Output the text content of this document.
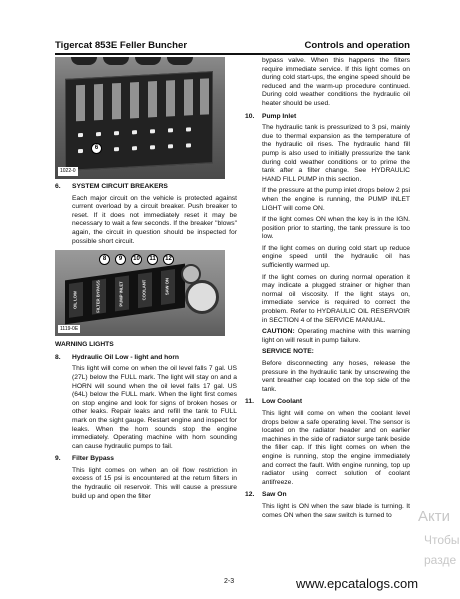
Tigercat 853E Feller Buncher	Controls and operation
6
1022-0
6.	SYSTEM CIRCUIT BREAKERS

Each major circuit on the vehicle is protected against current overload by a circuit breaker. Push breaker to reset. If it does not immediately reset it may be necessary to wait a few seconds. If the breaker "blows" again, the circuit in question should be inspected for possible short circuit.

8	9	10	11	12
OIL LOW	FILTER BYPASS	PUMP INLET	COOLANT	SAW ON
1119-0E
WARNING LIGHTS
8.	Hydraulic Oil Low - light and horn

This light will come on when the oil level falls 7 gal. US (27L) below the FULL mark. The light will stay on and a HORN will sound when the oil level falls 17 gal. US (64L) below the FULL mark. When the light first comes on stop engine and look for signs of broken hoses or other leaks. Repair leaks and refill the tank to FULL mark on the sight gauge. Restart engine and inspect for leaks. When the horn sounds stop the engine immediately. Operating machine with horn sounding can cause hydraulic pumps to fail.

9.	Filter Bypass

This light comes on when an oil flow restriction in excess of 15 psi is encountered at the return filters in the hydraulic oil reservoir. This will cause a pressure build up and open the filter

bypass valve. When this happens the filters require immediate service. If this light comes on during cold start-ups, the engine speed should be reduced and the warm-up procedure continued. During cold weather conditions the hydraulic oil heater should be used.

10.	Pump Inlet

The hydraulic tank is pressurized to 3 psi, mainly due to thermal expansion as the temperature of the hydraulic oil rises. The hydraulic hand fill pump is also used to initially pressurize the tank during cold weather conditions or to prime the tank after a filter change. See HYDRAULIC HAND FILL PUMP in this section.

If the pressure at the pump inlet drops below 2 psi when the engine is running, the PUMP INLET LIGHT will come ON.

If the light comes ON when the key is in the IGN. position prior to starting, the tank pressure is too low.

If the light comes on during cold start up reduce engine speed until the hydraulic oil has sufficiently warmed up.

If the light comes on during normal operation it may indicate a plugged strainer or higher than normal oil viscosity. If the light stays on, immediate service is required to correct the problem. Refer to HYDRAULIC OIL RESERVOIR in SECTION 4 of the SERVICE MANUAL.

CAUTION: Operating machine with this warning light on will result in pump failure.

SERVICE NOTE:

Before disconnecting any hoses, release the pressure in the hydraulic tank by unscrewing the vent breather cap located on the top side of the tank.

11.	Low Coolant

This light will come on when the coolant level drops below a safe operating level. The sensor is located on the radiator header and on earlier machines in the side of radiator surge tank beside the filler cap. If this light comes on when the engine is running, stop the engine immediately and correct the fault. With engine running, top up radiator using correct solution of coolant antifreeze.

12.	Saw On

This light is ON when the saw blade is turning. It comes ON when the saw switch is turned to	Акти
Чтобы
разде
2-3	www.epcatalogs.com
